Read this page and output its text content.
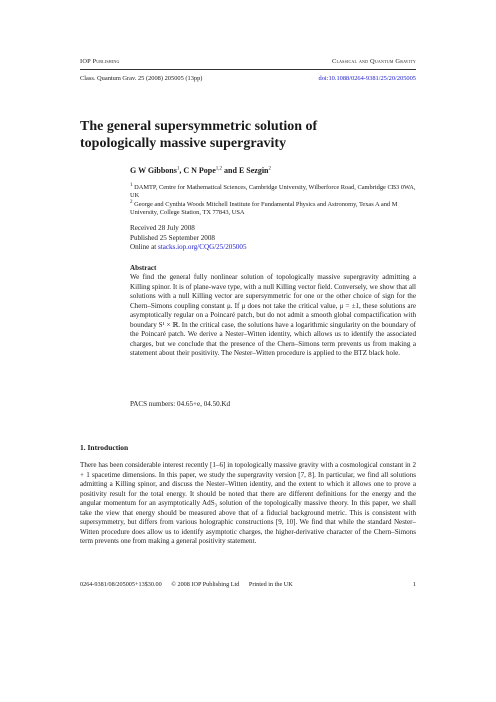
IOP Publishing	Classical and Quantum Gravity
Class. Quantum Grav. 25 (2008) 205005 (13pp)	doi:10.1088/0264-9381/25/20/205005
The general supersymmetric solution of topologically massive supergravity
G W Gibbons$^1$, C N Pope$^{1,2}$ and E Sezgin$^2$
$^1$ DAMTP, Centre for Mathematical Sciences, Cambridge University, Wilberforce Road, Cambridge CB3 0WA, UK
$^2$ George and Cynthia Woods Mitchell Institute for Fundamental Physics and Astronomy, Texas A and M University, College Station, TX 77843, USA
Received 28 July 2008
Published 25 September 2008
Online at stacks.iop.org/CQG/25/205005
Abstract
We find the general fully nonlinear solution of topologically massive supergravity admitting a Killing spinor. It is of plane-wave type, with a null Killing vector field. Conversely, we show that all solutions with a null Killing vector are supersymmetric for one or the other choice of sign for the Chern–Simons coupling constant μ. If μ does not take the critical value, μ = ±1, these solutions are asymptotically regular on a Poincaré patch, but do not admit a smooth global compactification with boundary S¹ × ℝ. In the critical case, the solutions have a logarithmic singularity on the boundary of the Poincaré patch. We derive a Nester–Witten identity, which allows us to identify the associated charges, but we conclude that the presence of the Chern–Simons term prevents us from making a statement about their positivity. The Nester–Witten procedure is applied to the BTZ black hole.
PACS numbers: 04.65+e, 04.50.Kd
1. Introduction
There has been considerable interest recently [1–6] in topologically massive gravity with a cosmological constant in 2 + 1 spacetime dimensions. In this paper, we study the supergravity version [7, 8]. In particular, we find all solutions admitting a Killing spinor, and discuss the Nester–Witten identity, and the extent to which it allows one to prove a positivity result for the total energy. It should be noted that there are different definitions for the energy and the angular momentum for an asymptotically AdS₃ solution of the topologically massive theory. In this paper, we shall take the view that energy should be measured above that of a fiducial background metric. This is consistent with supersymmetry, but differs from various holographic constructions [9, 10]. We find that while the standard Nester–Witten procedure does allow us to identify asymptotic charges, the higher-derivative character of the Chern–Simons term prevents one from making a general positivity statement.
0264-9381/08/205005+13$30.00 © 2008 IOP Publishing Ltd Printed in the UK	1
